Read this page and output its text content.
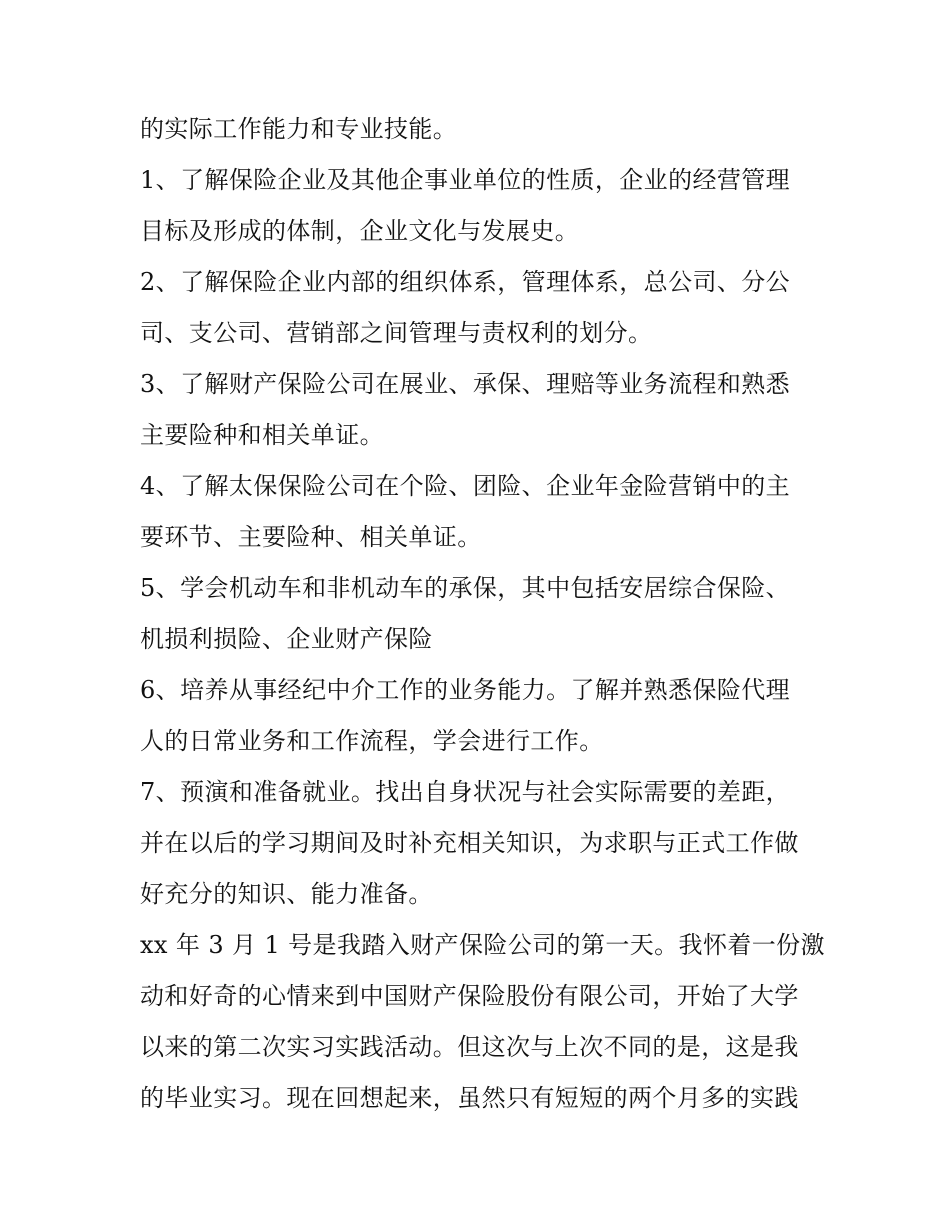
的实际工作能力和专业技能。
1、了解保险企业及其他企事业单位的性质，企业的经营管理
目标及形成的体制，企业文化与发展史。
2、了解保险企业内部的组织体系，管理体系，总公司、分公
司、支公司、营销部之间管理与责权利的划分。
3、了解财产保险公司在展业、承保、理赔等业务流程和熟悉
主要险种和相关单证。
4、了解太保保险公司在个险、团险、企业年金险营销中的主
要环节、主要险种、相关单证。
5、学会机动车和非机动车的承保，其中包括安居综合保险、
机损利损险、企业财产保险
6、培养从事经纪中介工作的业务能力。了解并熟悉保险代理
人的日常业务和工作流程，学会进行工作。
7、预演和准备就业。找出自身状况与社会实际需要的差距，
并在以后的学习期间及时补充相关知识，为求职与正式工作做
好充分的知识、能力准备。
xx 年 3 月 1 号是我踏入财产保险公司的第一天。我怀着一份激
动和好奇的心情来到中国财产保险股份有限公司，开始了大学
以来的第二次实习实践活动。但这次与上次不同的是，这是我
的毕业实习。现在回想起来，虽然只有短短的两个月多的实践
